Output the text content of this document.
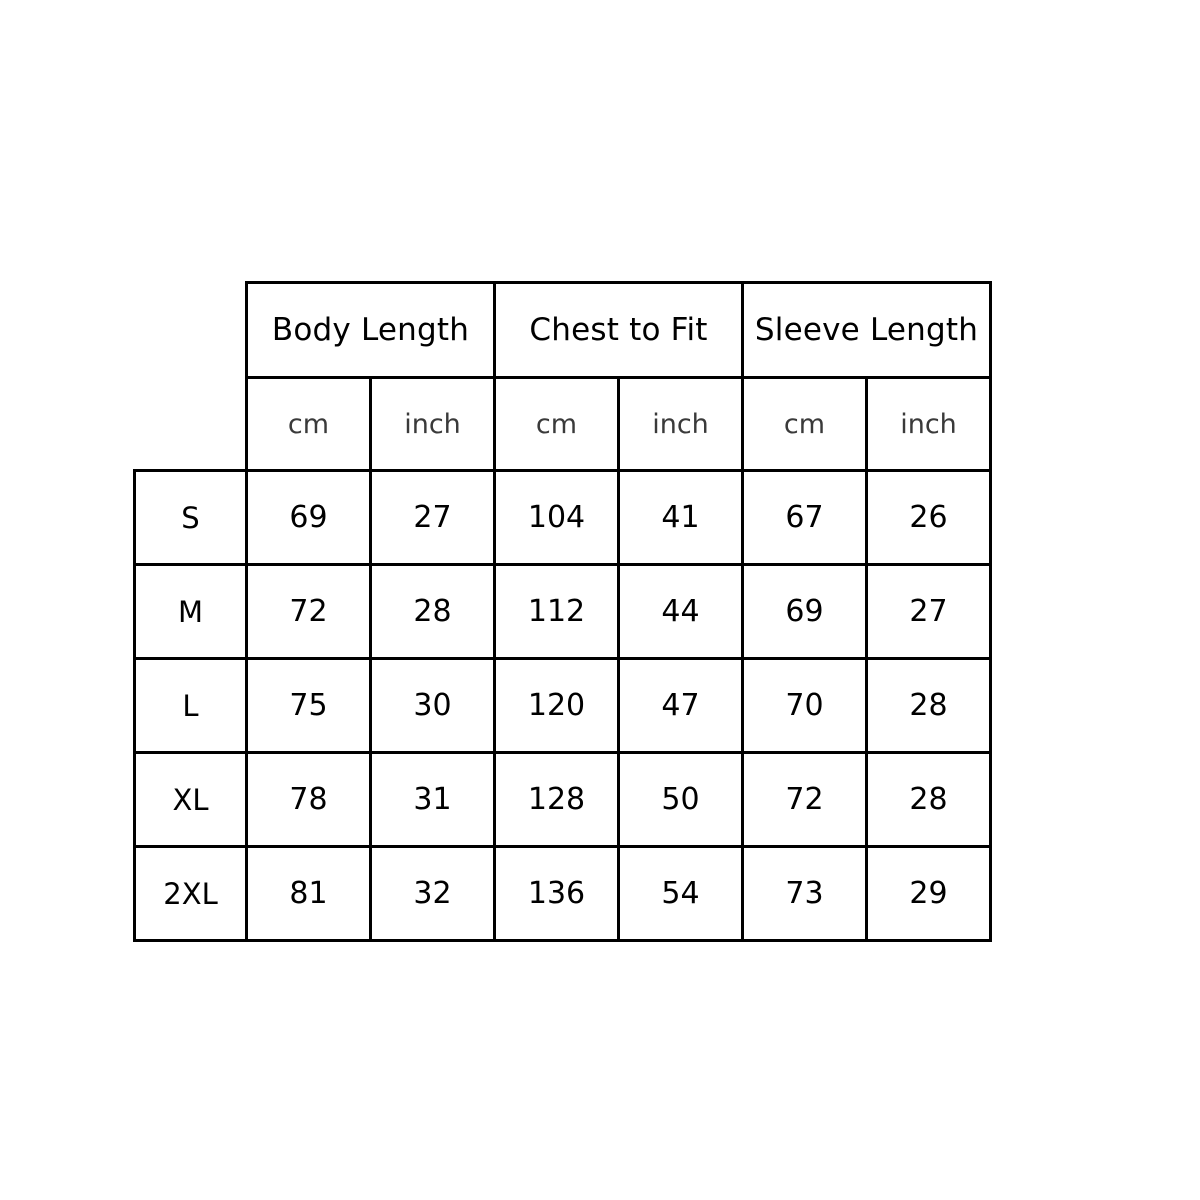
	Body Length		Chest to Fit		Sleeve Length	
	cm	inch	cm	inch	cm	inch
S	69	27	104	41	67	26
M	72	28	112	44	69	27
L	75	30	120	47	70	28
XL	78	31	128	50	72	28
2XL	81	32	136	54	73	29
